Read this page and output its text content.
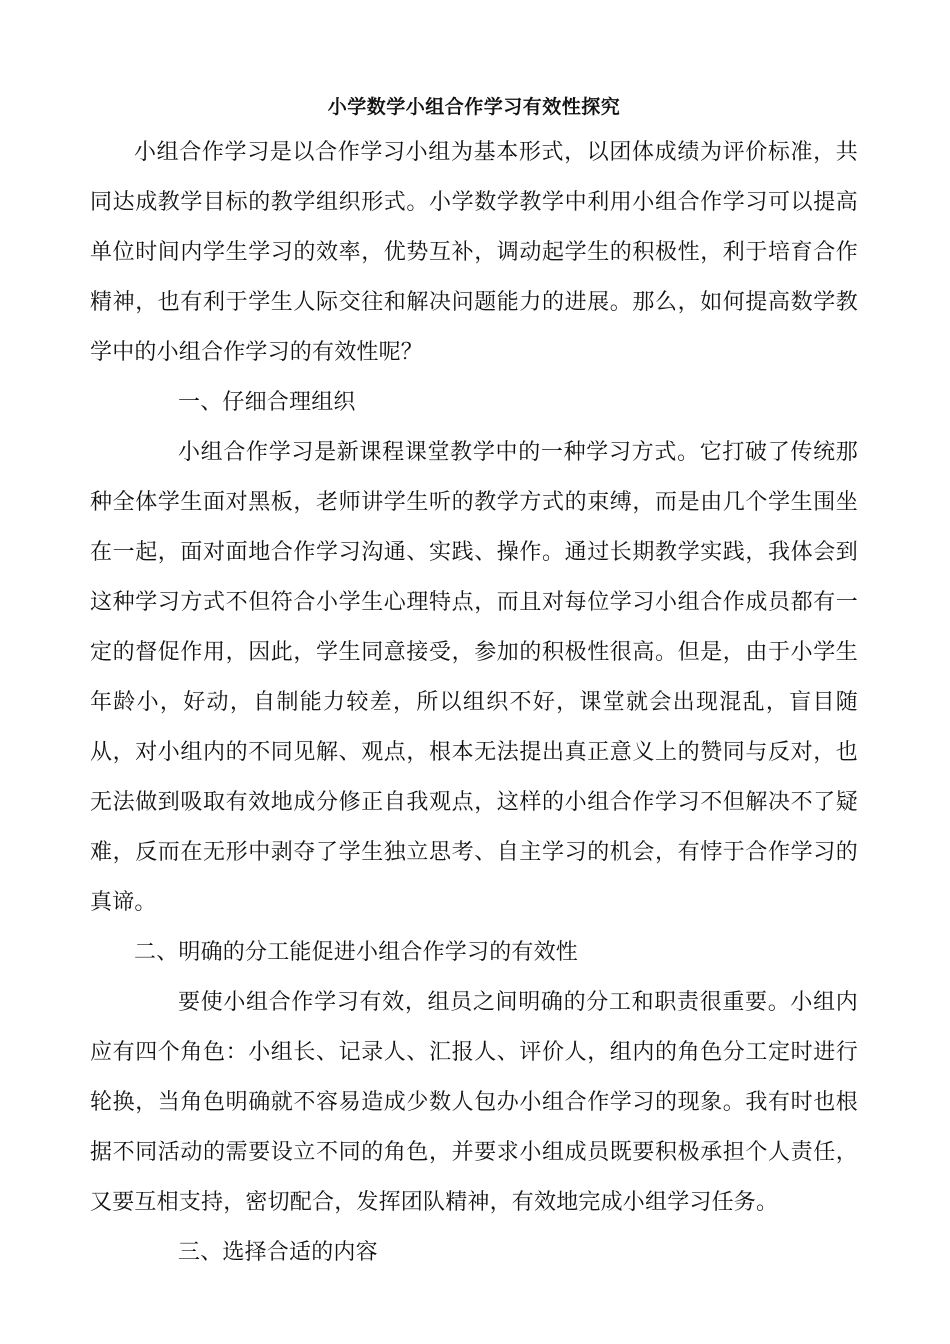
小学数学小组合作学习有效性探究

小组合作学习是以合作学习小组为基本形式，以团体成绩为评价标准，共同达成教学目标的教学组织形式。小学数学教学中利用小组合作学习可以提高单位时间内学生学习的效率，优势互补，调动起学生的积极性，利于培育合作精神，也有利于学生人际交往和解决问题能力的进展。那么，如何提高数学教学中的小组合作学习的有效性呢？

一、仔细合理组织

小组合作学习是新课程课堂教学中的一种学习方式。它打破了传统那种全体学生面对黑板，老师讲学生听的教学方式的束缚，而是由几个学生围坐在一起，面对面地合作学习沟通、实践、操作。通过长期教学实践，我体会到这种学习方式不但符合小学生心理特点，而且对每位学习小组合作成员都有一定的督促作用，因此，学生同意接受，参加的积极性很高。但是，由于小学生年龄小，好动，自制能力较差，所以组织不好，课堂就会出现混乱，盲目随从，对小组内的不同见解、观点，根本无法提出真正意义上的赞同与反对，也无法做到吸取有效地成分修正自我观点，这样的小组合作学习不但解决不了疑难，反而在无形中剥夺了学生独立思考、自主学习的机会，有悖于合作学习的真谛。

二、明确的分工能促进小组合作学习的有效性

要使小组合作学习有效，组员之间明确的分工和职责很重要。小组内应有四个角色：小组长、记录人、汇报人、评价人，组内的角色分工定时进行轮换，当角色明确就不容易造成少数人包办小组合作学习的现象。我有时也根据不同活动的需要设立不同的角色，并要求小组成员既要积极承担个人责任，又要互相支持，密切配合，发挥团队精神，有效地完成小组学习任务。

三、选择合适的内容
